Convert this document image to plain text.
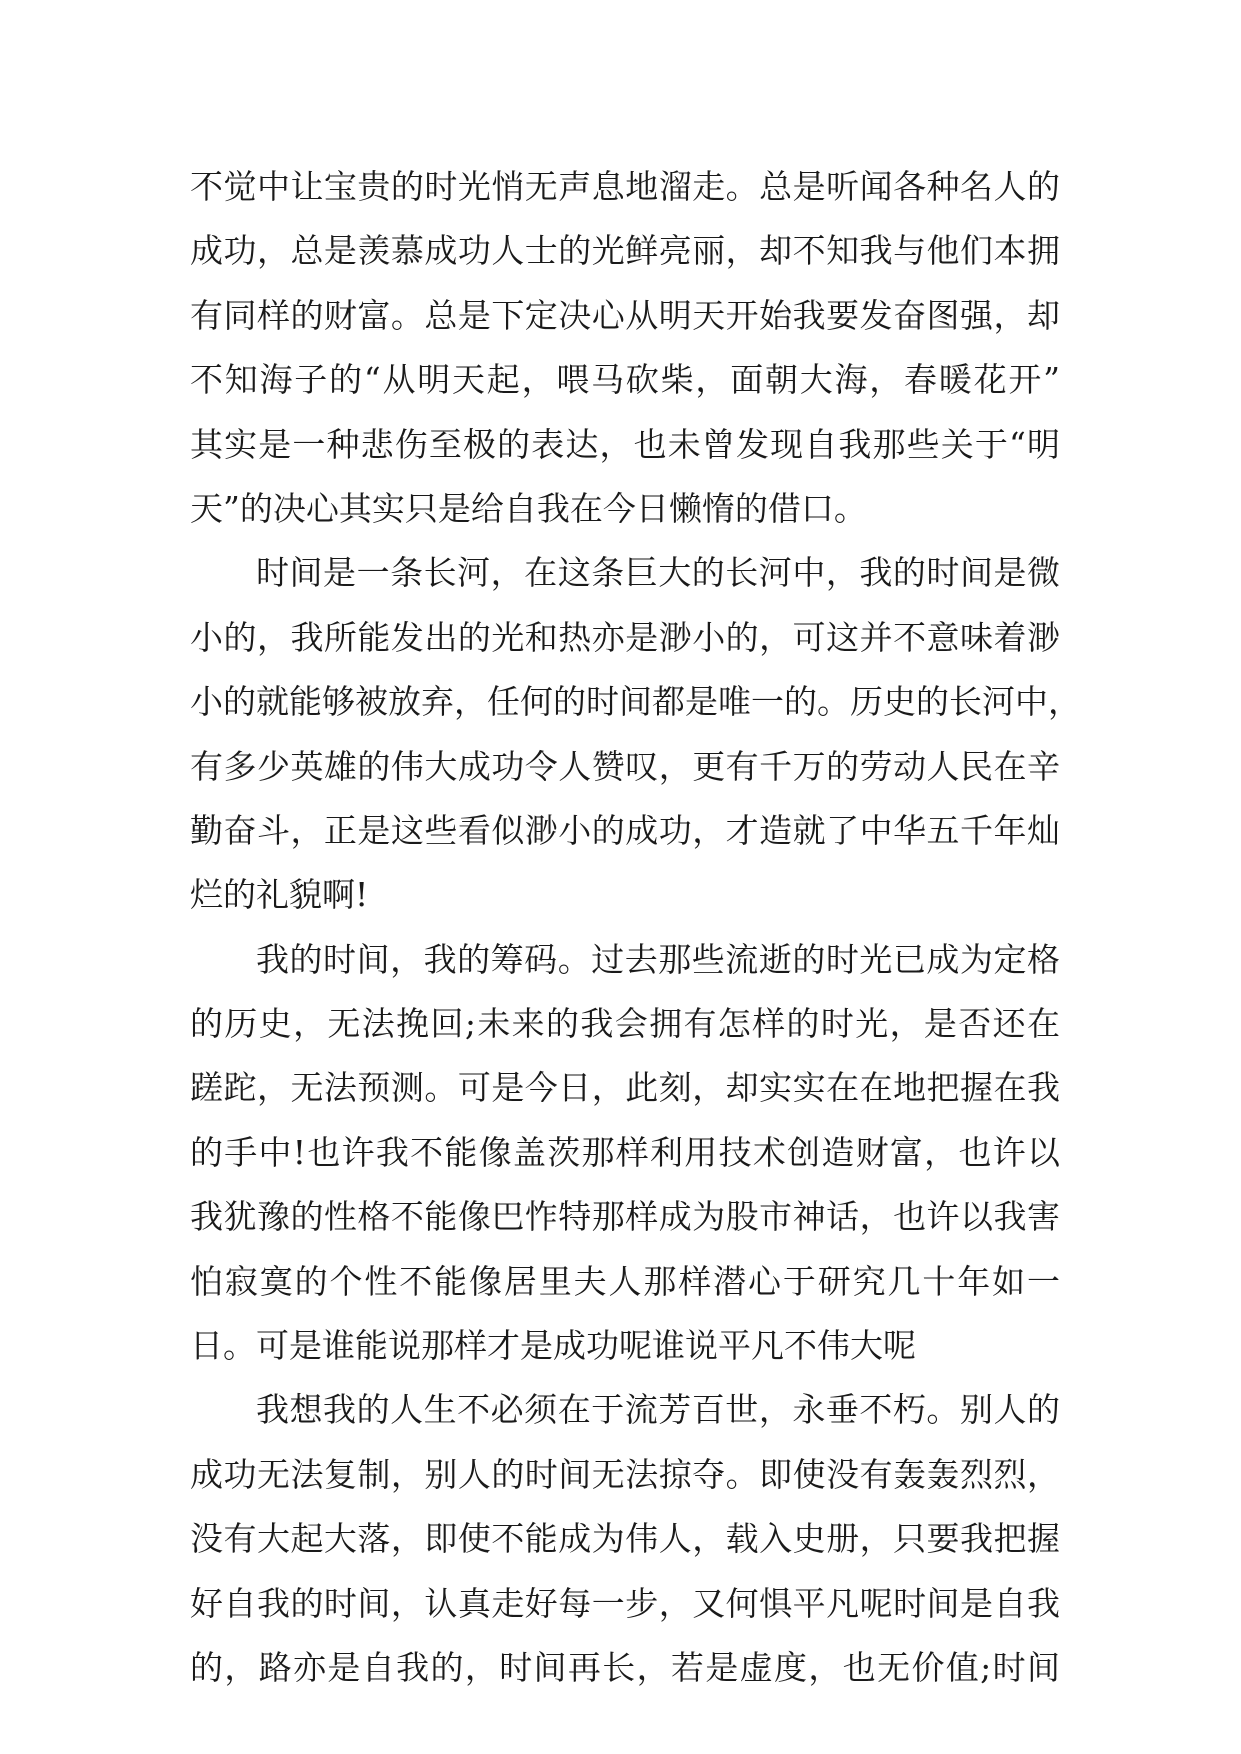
不觉中让宝贵的时光悄无声息地溜走。总是听闻各种名人的
成功，总是羡慕成功人士的光鲜亮丽，却不知我与他们本拥
有同样的财富。总是下定决心从明天开始我要发奋图强，却
不知海子的“从明天起，喂马砍柴，面朝大海，春暖花开”
其实是一种悲伤至极的表达，也未曾发现自我那些关于“明
天”的决心其实只是给自我在今日懒惰的借口。
时间是一条长河，在这条巨大的长河中，我的时间是微
小的，我所能发出的光和热亦是渺小的，可这并不意味着渺
小的就能够被放弃，任何的时间都是唯一的。历史的长河中，
有多少英雄的伟大成功令人赞叹，更有千万的劳动人民在辛
勤奋斗，正是这些看似渺小的成功，才造就了中华五千年灿
烂的礼貌啊!
我的时间，我的筹码。过去那些流逝的时光已成为定格
的历史，无法挽回;未来的我会拥有怎样的时光，是否还在
蹉跎，无法预测。可是今日，此刻，却实实在在地把握在我
的手中!也许我不能像盖茨那样利用技术创造财富，也许以
我犹豫的性格不能像巴怍特那样成为股市神话，也许以我害
怕寂寞的个性不能像居里夫人那样潜心于研究几十年如一
日。可是谁能说那样才是成功呢谁说平凡不伟大呢
我想我的人生不必须在于流芳百世，永垂不朽。别人的
成功无法复制，别人的时间无法掠夺。即使没有轰轰烈烈，
没有大起大落，即使不能成为伟人，载入史册，只要我把握
好自我的时间，认真走好每一步，又何惧平凡呢时间是自我
的，路亦是自我的，时间再长，若是虚度，也无价值;时间
